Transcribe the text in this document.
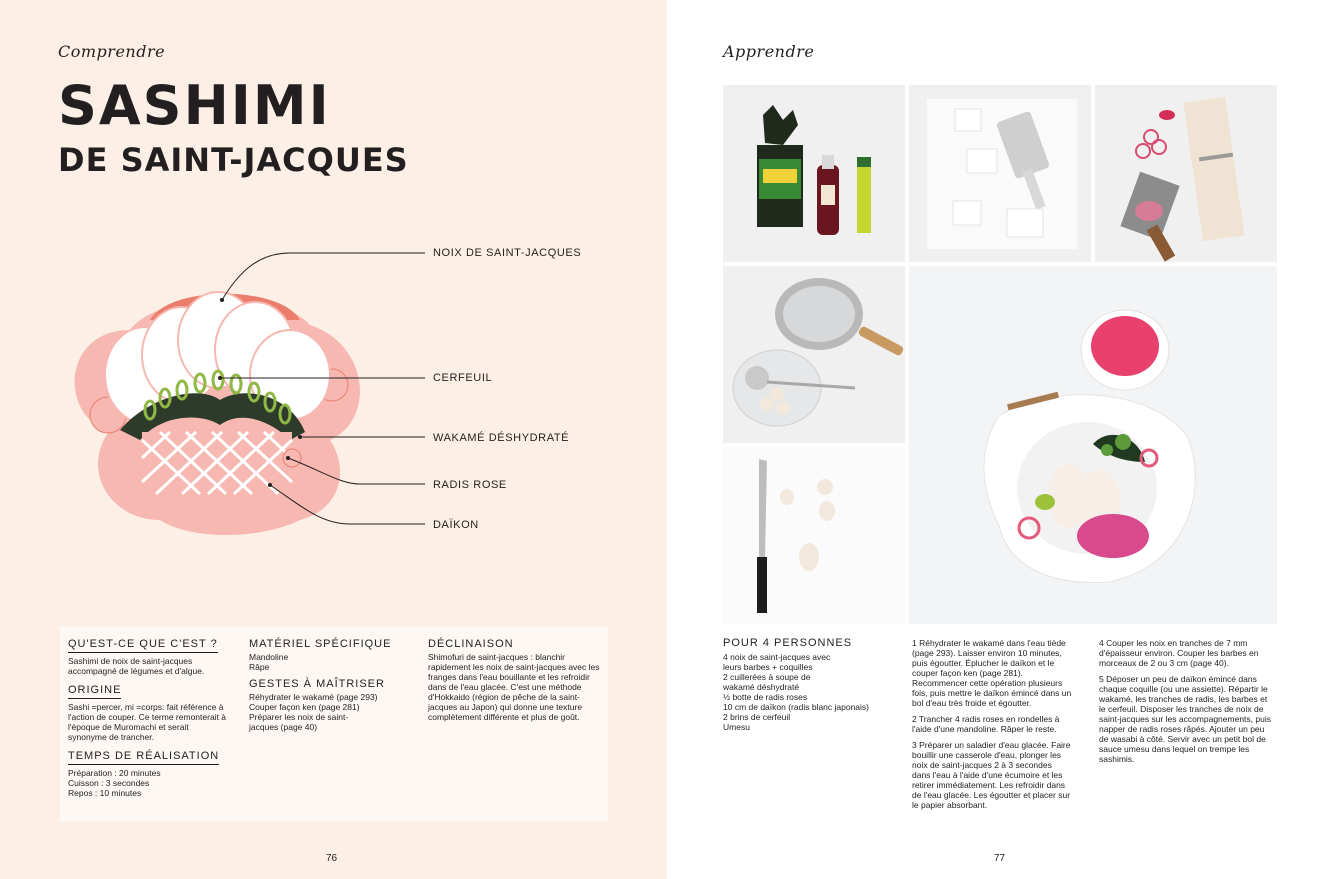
Comprendre
SASHIMI
DE SAINT-JACQUES
NOIX DE SAINT-JACQUES
CERFEUIL
WAKAMÉ DÉSHYDRATÉ
RADIS ROSE
DAÏKON
QU'EST-CE QUE C'EST ?
Sashimi de noix de saint-jacques accompagné de légumes et d'algue.
ORIGINE
Sashi =percer, mi =corps: fait référence à l'action de couper. Ce terme remonterait à l'époque de Muromachi et serait synonyme de trancher.
TEMPS DE RÉALISATION
Préparation : 20 minutes
Cuisson : 3 secondes
Repos : 10 minutes
MATÉRIEL SPÉCIFIQUE
Mandoline
Râpe
GESTES À MAÎTRISER
Réhydrater le wakamé (page 293)
Couper façon ken (page 281)
Préparer les noix de saint-
jacques (page 40)
DÉCLINAISON
Shimofuri de saint-jacques : blanchir rapidement les noix de saint-jacques avec les franges dans l'eau bouillante et les refroidir dans de l'eau glacée. C'est une méthode d'Hokkaido (région de pêche de la saint-jacques au Japon) qui donne une texture complètement différente et plus de goût.
76
Apprendre
POUR 4 PERSONNES
4 noix de saint-jacques avec
leurs barbes + coquilles
2 cuillerées à soupe de
wakamé déshydraté
½ botte de radis roses
10 cm de daïkon (radis blanc japonais)
2 brins de cerfeuil
Umesu

1 Réhydrater le wakamé dans l'eau tiède (page 293). Laisser environ 10 minutes, puis égoutter. Éplucher le daïkon et le couper façon ken (page 281). Recommencer cette opération plusieurs fois, puis mettre le daïkon émincé dans un bol d'eau très froide et égoutter.

2 Trancher 4 radis roses en rondelles à l'aide d'une mandoline. Râper le reste.

3 Préparer un saladier d'eau glacée. Faire bouillir une casserole d'eau, plonger les noix de saint-jacques 2 à 3 secondes dans l'eau à l'aide d'une écumoire et les retirer immédiatement. Les refroidir dans de l'eau glacée. Les égoutter et placer sur le papier absorbant.

4 Couper les noix en tranches de 7 mm d'épaisseur environ. Couper les barbes en morceaux de 2 ou 3 cm (page 40).

5 Déposer un peu de daïkon émincé dans chaque coquille (ou une assiette). Répartir le wakamé, les tranches de radis, les barbes et le cerfeuil. Disposer les tranches de noix de saint-jacques sur les accompagnements, puis napper de radis roses râpés. Ajouter un peu de wasabi à côté. Servir avec un petit bol de sauce umesu dans lequel on trempe les sashimis.

77
